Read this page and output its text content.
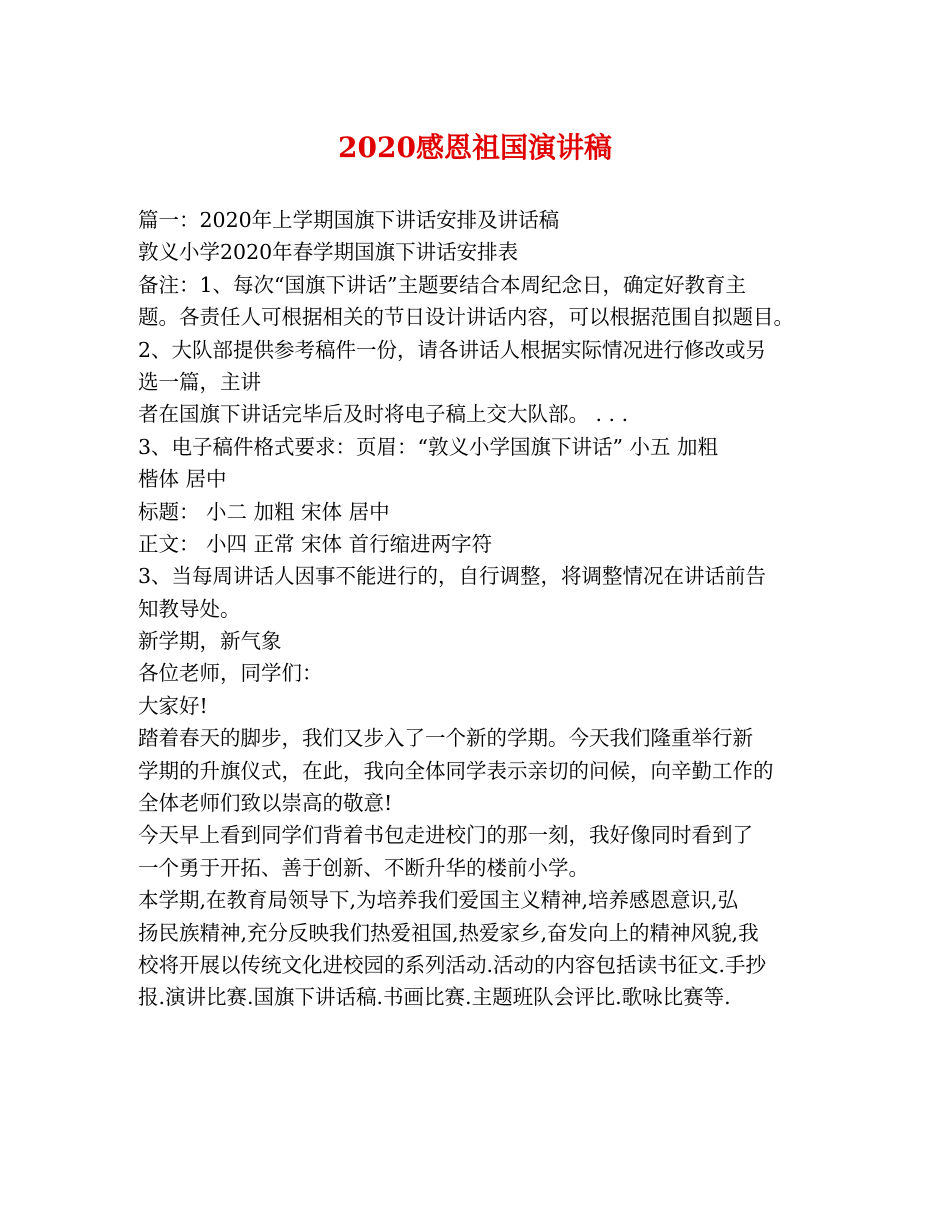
2020感恩祖国演讲稿
篇一：2020年上学期国旗下讲话安排及讲话稿
敦义小学2020年春学期国旗下讲话安排表
备注：1、每次“国旗下讲话”主题要结合本周纪念日，确定好教育主
题。各责任人可根据相关的节日设计讲话内容，可以根据范围自拟题目。
2、大队部提供参考稿件一份，请各讲话人根据实际情况进行修改或另
选一篇，主讲
者在国旗下讲话完毕后及时将电子稿上交大队部。 . . .
3、电子稿件格式要求：页眉：“敦义小学国旗下讲话” 小五 加粗
楷体 居中
标题： 小二 加粗 宋体 居中
正文： 小四 正常 宋体 首行缩进两字符
3、当每周讲话人因事不能进行的，自行调整，将调整情况在讲话前告
知教导处。
新学期，新气象
各位老师，同学们：
大家好!
踏着春天的脚步，我们又步入了一个新的学期。今天我们隆重举行新
学期的升旗仪式，在此，我向全体同学表示亲切的问候，向辛勤工作的
全体老师们致以崇高的敬意!
今天早上看到同学们背着书包走进校门的那一刻，我好像同时看到了
一个勇于开拓、善于创新、不断升华的楼前小学。
本学期,在教育局领导下,为培养我们爱国主义精神,培养感恩意识,弘
扬民族精神,充分反映我们热爱祖国,热爱家乡,奋发向上的精神风貌,我
校将开展以传统文化进校园的系列活动.活动的内容包括读书征文.手抄
报.演讲比赛.国旗下讲话稿.书画比赛.主题班队会评比.歌咏比赛等.
